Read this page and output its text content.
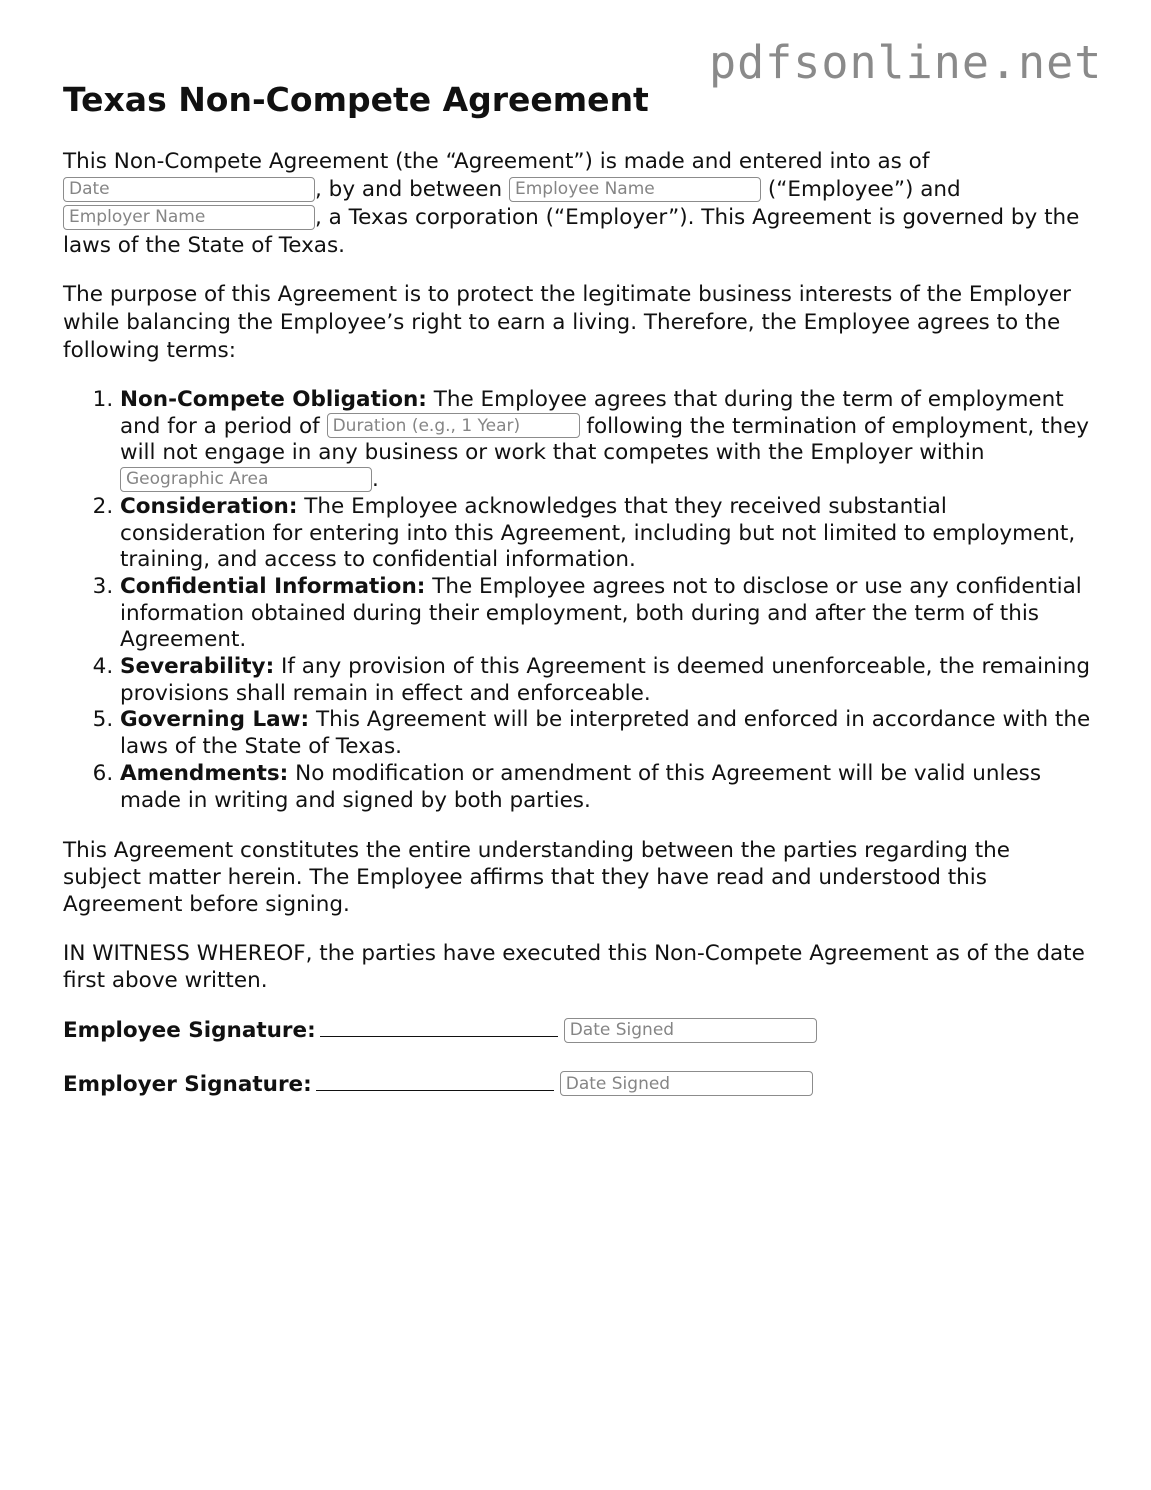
pdfsonline.net
Texas Non-Compete Agreement

This Non-Compete Agreement (the “Agreement”) is made and entered into as of
Date, by and between Employee Name	(“Employee”) and
Employer Name, a Texas corporation (“Employer”). This Agreement is governed by the laws of the State of Texas.

The purpose of this Agreement is to protect the legitimate business interests of the Employer while balancing the Employee’s right to earn a living. Therefore, the Employee agrees to the following terms:

1. Non-Compete Obligation: The Employee agrees that during the term of employment and for a period of Duration (e.g., 1 Year)	following the termination of employment, they will not engage in any business or work that competes with the Employer within Geographic Area.
2. Consideration: The Employee acknowledges that they received substantial consideration for entering into this Agreement, including but not limited to employment, training, and access to confidential information.
3. Confidential Information: The Employee agrees not to disclose or use any confidential information obtained during their employment, both during and after the term of this Agreement.
4. Severability: If any provision of this Agreement is deemed unenforceable, the remaining provisions shall remain in effect and enforceable.
5. Governing Law: This Agreement will be interpreted and enforced in accordance with the laws of the State of Texas.
6. Amendments: No modification or amendment of this Agreement will be valid unless made in writing and signed by both parties.

This Agreement constitutes the entire understanding between the parties regarding the subject matter herein. The Employee affirms that they have read and understood this Agreement before signing.

IN WITNESS WHEREOF, the parties have executed this Non-Compete Agreement as of the date first above written.

Employee Signature:Date Signed
Employer Signature:Date Signed
